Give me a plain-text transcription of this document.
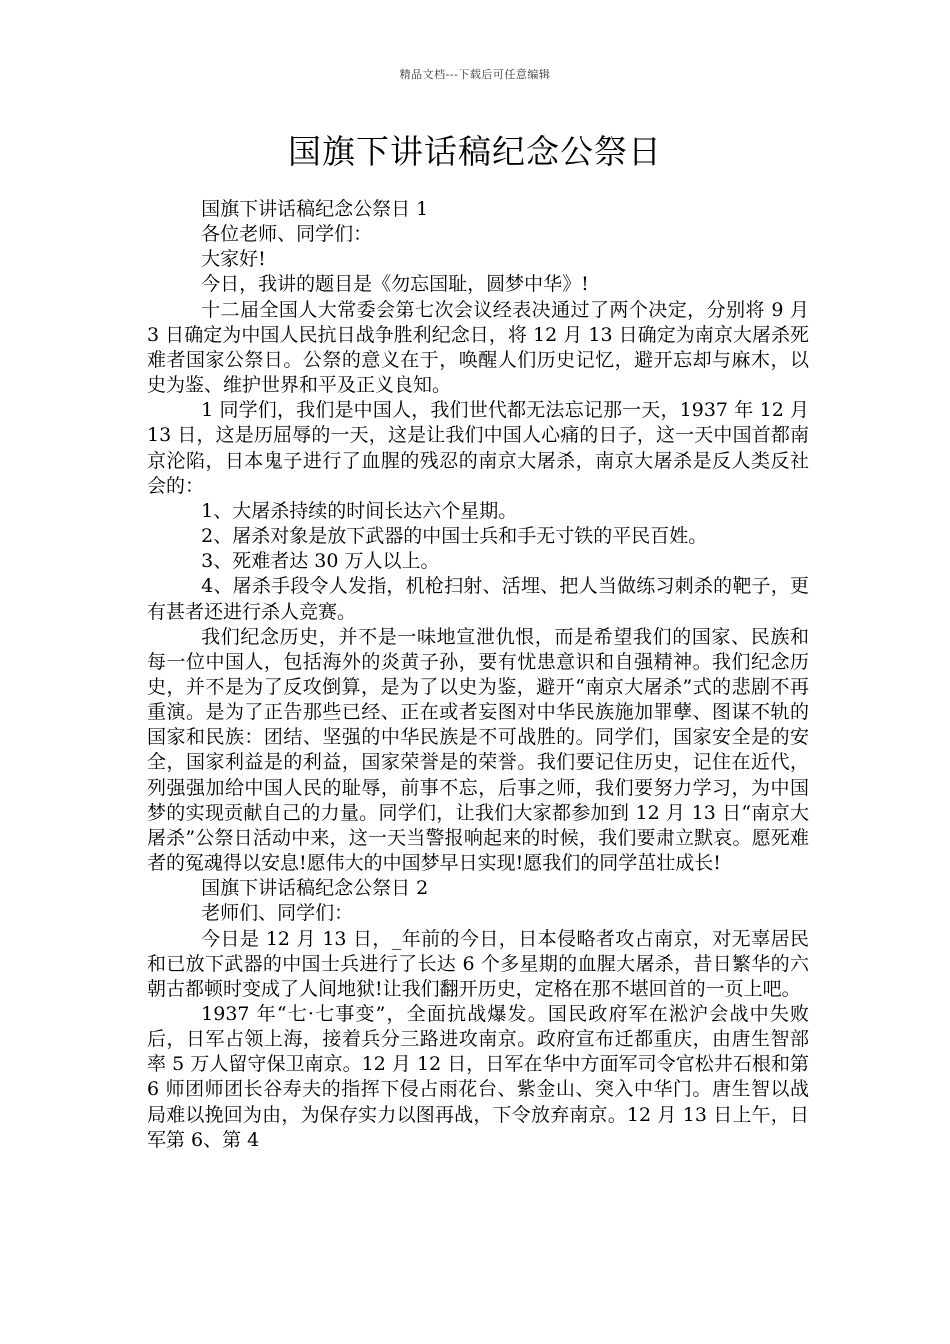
精品文档---下载后可任意编辑
国旗下讲话稿纪念公祭日

国旗下讲话稿纪念公祭日 1

各位老师、同学们：

大家好!

今日，我讲的题目是《勿忘国耻，圆梦中华》!

十二届全国人大常委会第七次会议经表决通过了两个决定，分别将 9 月 3 日确定为中国人民抗日战争胜利纪念日，将 12 月 13 日确定为南京大屠杀死难者国家公祭日。公祭的意义在于，唤醒人们历史记忆，避开忘却与麻木，以史为鉴、维护世界和平及正义良知。

1 同学们，我们是中国人，我们世代都无法忘记那一天，1937 年 12 月 13 日，这是历屈辱的一天，这是让我们中国人心痛的日子，这一天中国首都南京沦陷，日本鬼子进行了血腥的残忍的南京大屠杀，南京大屠杀是反人类反社会的：

1、大屠杀持续的时间长达六个星期。

2、屠杀对象是放下武器的中国士兵和手无寸铁的平民百姓。

3、死难者达 30 万人以上。

4、屠杀手段令人发指，机枪扫射、活埋、把人当做练习刺杀的靶子，更有甚者还进行杀人竞赛。

我们纪念历史，并不是一味地宣泄仇恨，而是希望我们的国家、民族和每一位中国人，包括海外的炎黄子孙，要有忧患意识和自强精神。我们纪念历史，并不是为了反攻倒算，是为了以史为鉴，避开“南京大屠杀”式的悲剧不再重演。是为了正告那些已经、正在或者妄图对中华民族施加罪孽、图谋不轨的国家和民族：团结、坚强的中华民族是不可战胜的。同学们，国家安全是的安全，国家利益是的利益，国家荣誉是的荣誉。我们要记住历史，记住在近代，列强强加给中国人民的耻辱，前事不忘，后事之师，我们要努力学习，为中国梦的实现贡献自己的力量。同学们，让我们大家都参加到 12 月 13 日“南京大屠杀”公祭日活动中来，这一天当警报响起来的时候，我们要肃立默哀。愿死难者的冤魂得以安息!愿伟大的中国梦早日实现!愿我们的同学茁壮成长!

国旗下讲话稿纪念公祭日 2

老师们、同学们：

今日是 12 月 13 日，_年前的今日，日本侵略者攻占南京，对无辜居民和已放下武器的中国士兵进行了长达 6 个多星期的血腥大屠杀，昔日繁华的六朝古都顿时变成了人间地狱!让我们翻开历史，定格在那不堪回首的一页上吧。

1937 年“七·七事变”，全面抗战爆发。国民政府军在淞沪会战中失败后，日军占领上海，接着兵分三路进攻南京。政府宣布迁都重庆，由唐生智部率 5 万人留守保卫南京。12 月 12 日，日军在华中方面军司令官松井石根和第 6 师团师团长谷寿夫的指挥下侵占雨花台、紫金山、突入中华门。唐生智以战局难以挽回为由，为保存实力以图再战，下令放弃南京。12 月 13 日上午，日军第 6、第 4
